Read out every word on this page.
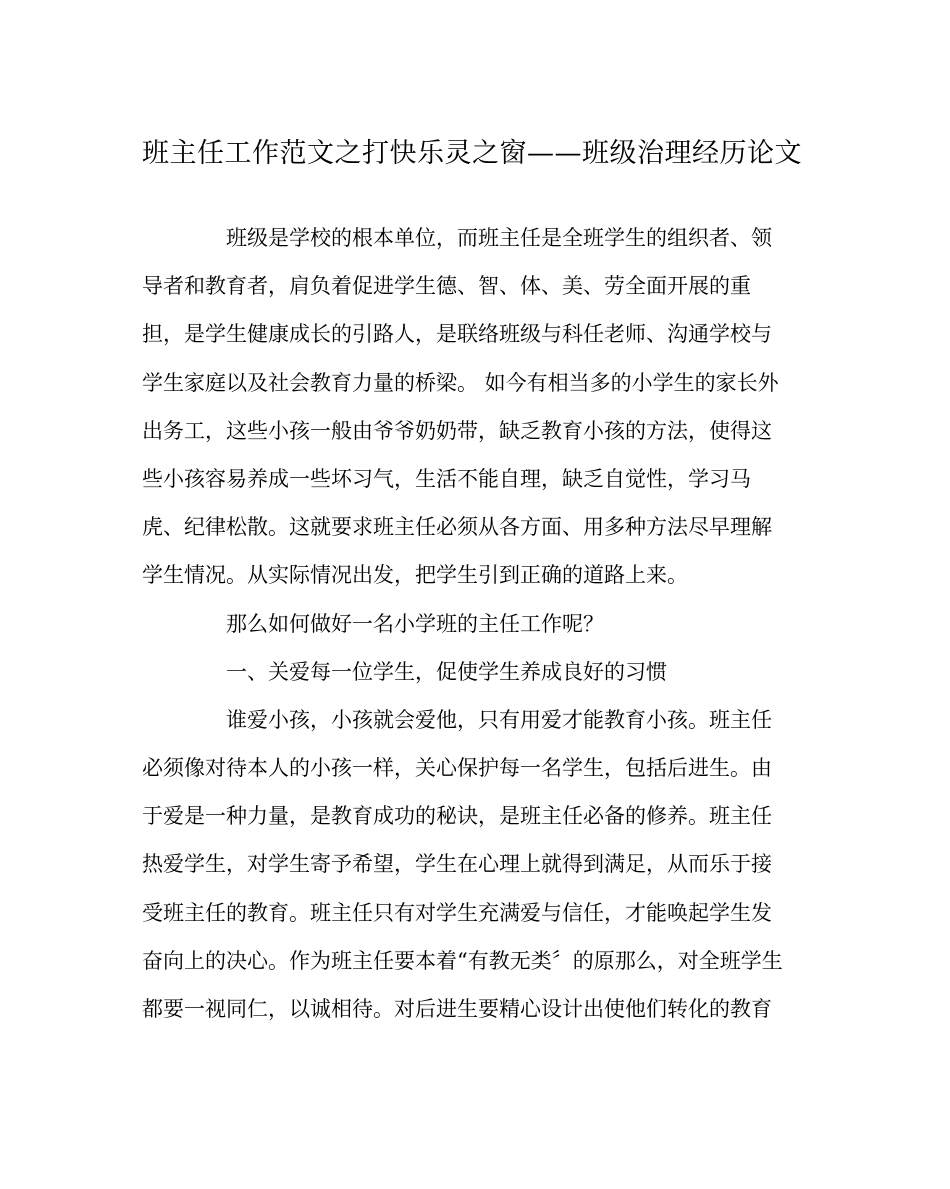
班主任工作范文之打快乐灵之窗——班级治理经历论文
班级是学校的根本单位，而班主任是全班学生的组织者、领
导者和教育者，肩负着促进学生德、智、体、美、劳全面开展的重
担，是学生健康成长的引路人，是联络班级与科任老师、沟通学校与
学生家庭以及社会教育力量的桥梁。 如今有相当多的小学生的家长外
出务工，这些小孩一般由爷爷奶奶带，缺乏教育小孩的方法，使得这
些小孩容易养成一些坏习气，生活不能自理，缺乏自觉性，学习马
虎、纪律松散。这就要求班主任必须从各方面、用多种方法尽早理解
学生情况。从实际情况出发，把学生引到正确的道路上来。
那么如何做好一名小学班的主任工作呢？
一、关爱每一位学生，促使学生养成良好的习惯
谁爱小孩，小孩就会爱他，只有用爱才能教育小孩。班主任
必须像对待本人的小孩一样，关心保护每一名学生，包括后进生。由
于爱是一种力量，是教育成功的秘诀，是班主任必备的修养。班主任
热爱学生，对学生寄予希望，学生在心理上就得到满足，从而乐于接
受班主任的教育。班主任只有对学生充满爱与信任，才能唤起学生发
奋向上的决心。作为班主任要本着“有教无类〞的原那么，对全班学生
都要一视同仁，以诚相待。对后进生要精心设计出使他们转化的教育
